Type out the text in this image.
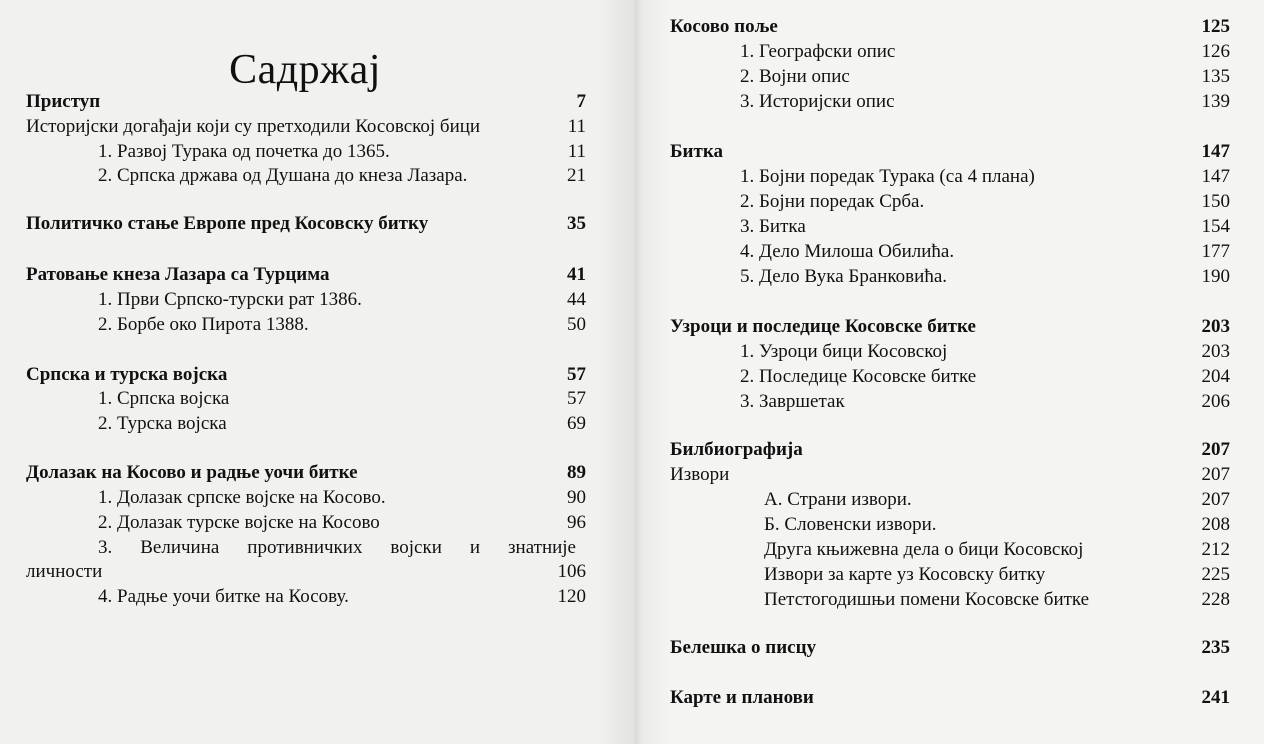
Садржај
Приступ	7
Историјски догађаји који су претходили Косовској бици	11
1. Развој Турака од почетка до 1365.	11
2. Српска држава од Душана до кнеза Лазара.	21
Политичко стање Европе пред Косовску битку	35
Ратовање кнеза Лазара са Турцима	41
1. Први Српско-турски рат 1386.	44
2. Борбе око Пирота 1388.	50
Српска и турска војска	57
1. Српска војска	57
2. Турска војска	69
Долазак на Косово и радње уочи битке	89
1. Долазак српске војске на Косово.	90
2. Долазак турске војске на Косово	96
3. Величина противничких војски и знатније
личности	106
4. Радње уочи битке на Косову.	120
Косово поље	125
1. Географски опис	126
2. Војни опис	135
3. Историјски опис	139
Битка	147
1. Бојни поредак Турака (са 4 плана)	147
2. Бојни поредак Срба.	150
3. Битка	154
4. Дело Милоша Обилића.	177
5. Дело Вука Бранковића.	190
Узроци и последице Косовске битке	203
1. Узроци бици Косовској	203
2. Последице Косовске битке	204
3. Завршетак	206
Билбиографија	207
Извори	207
А. Страни извори.	207
Б. Словенски извори.	208
Друга књижевна дела о бици Косовској	212
Извори за карте уз Косовску битку	225
Петстогодишњи помени Косовске битке	228
Белешка о писцу	235
Карте и планови	241
